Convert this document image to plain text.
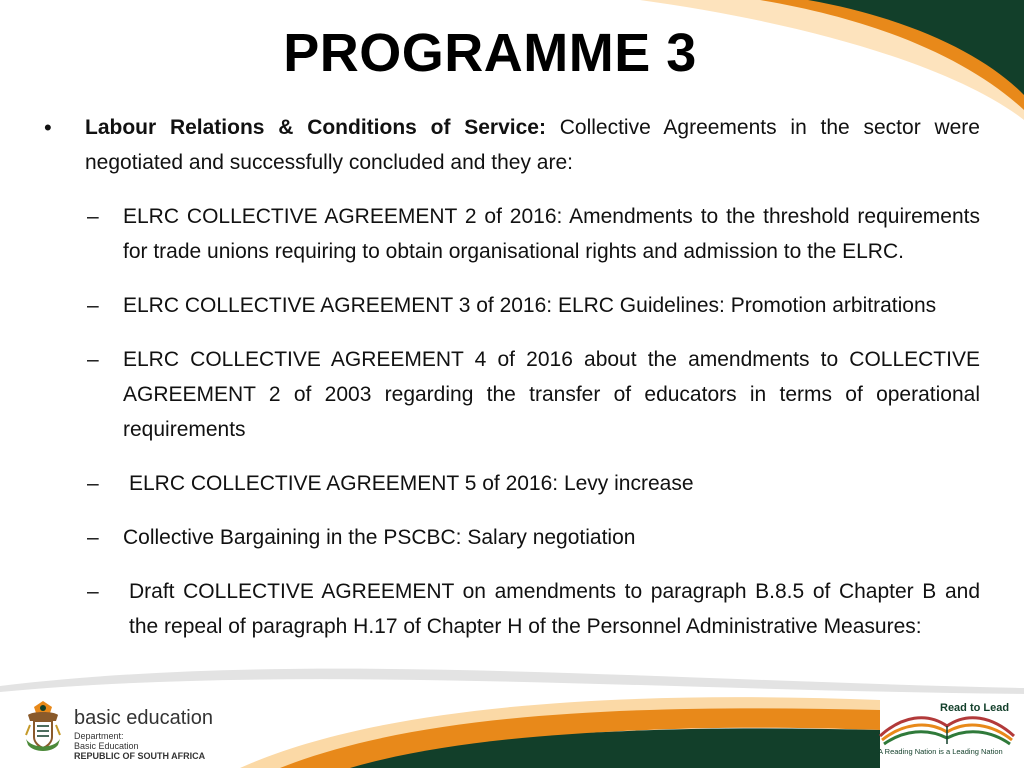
PROGRAMME 3
• Labour Relations & Conditions of Service: Collective Agreements in the sector were negotiated and successfully concluded and they are:
– ELRC COLLECTIVE AGREEMENT 2 of 2016: Amendments to the threshold requirements for trade unions requiring to obtain organisational rights and admission to the ELRC.
– ELRC COLLECTIVE AGREEMENT 3 of 2016: ELRC Guidelines: Promotion arbitrations
– ELRC COLLECTIVE AGREEMENT 4 of 2016 about the amendments to COLLECTIVE AGREEMENT 2 of 2003 regarding the transfer of educators in terms of operational requirements
– ELRC COLLECTIVE AGREEMENT 5 of 2016: Levy increase
– Collective Bargaining in the PSCBC: Salary negotiation
– Draft COLLECTIVE AGREEMENT on amendments to paragraph B.8.5 of Chapter B and the repeal of paragraph H.17 of Chapter H of the Personnel Administrative Measures:
basic education
Department:
Basic Education
REPUBLIC OF SOUTH AFRICA
Read to Lead
A Reading Nation is a Leading Nation
